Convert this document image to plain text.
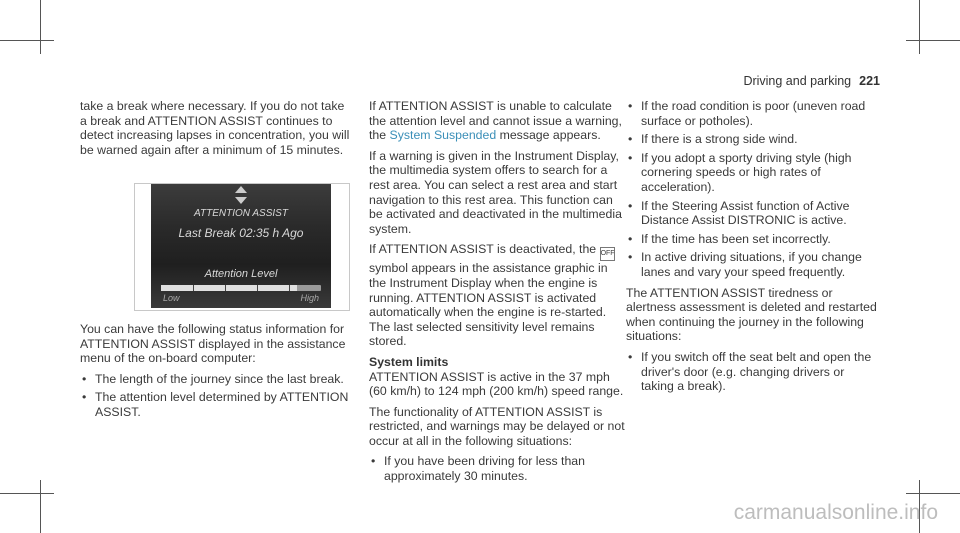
Driving and parking 221

take a break where necessary. If you do not take a break and ATTENTION ASSIST continues to detect increasing lapses in concentration, you will be warned again after a minimum of 15 minutes.

ATTENTION ASSIST
Last Break 02:35 h Ago
Attention Level
Low	High

You can have the following status information for ATTENTION ASSIST displayed in the assistance menu of the on-board computer:

• The length of the journey since the last break.
• The attention level determined by ATTENTION ASSIST.

If ATTENTION ASSIST is unable to calculate the attention level and cannot issue a warning, the System Suspended message appears.

If a warning is given in the Instrument Display, the multimedia system offers to search for a rest area. You can select a rest area and start navigation to this rest area. This function can be activated and deactivated in the multimedia system.

If ATTENTION ASSIST is deactivated, the OFF symbol appears in the assistance graphic in the Instrument Display when the engine is running. ATTENTION ASSIST is activated automatically when the engine is re-started. The last selected sensitivity level remains stored.

System limits

ATTENTION ASSIST is active in the 37 mph (60 km/h) to 124 mph (200 km/h) speed range.

The functionality of ATTENTION ASSIST is restricted, and warnings may be delayed or not occur at all in the following situations:

• If you have been driving for less than approximately 30 minutes.
• If the road condition is poor (uneven road surface or potholes).
• If there is a strong side wind.
• If you adopt a sporty driving style (high cornering speeds or high rates of acceleration).
• If the Steering Assist function of Active Distance Assist DISTRONIC is active.
• If the time has been set incorrectly.
• In active driving situations, if you change lanes and vary your speed frequently.

The ATTENTION ASSIST tiredness or alertness assessment is deleted and restarted when continuing the journey in the following situations:

• If you switch off the seat belt and open the driver's door (e.g. changing drivers or taking a break).
carmanualsonline.info
